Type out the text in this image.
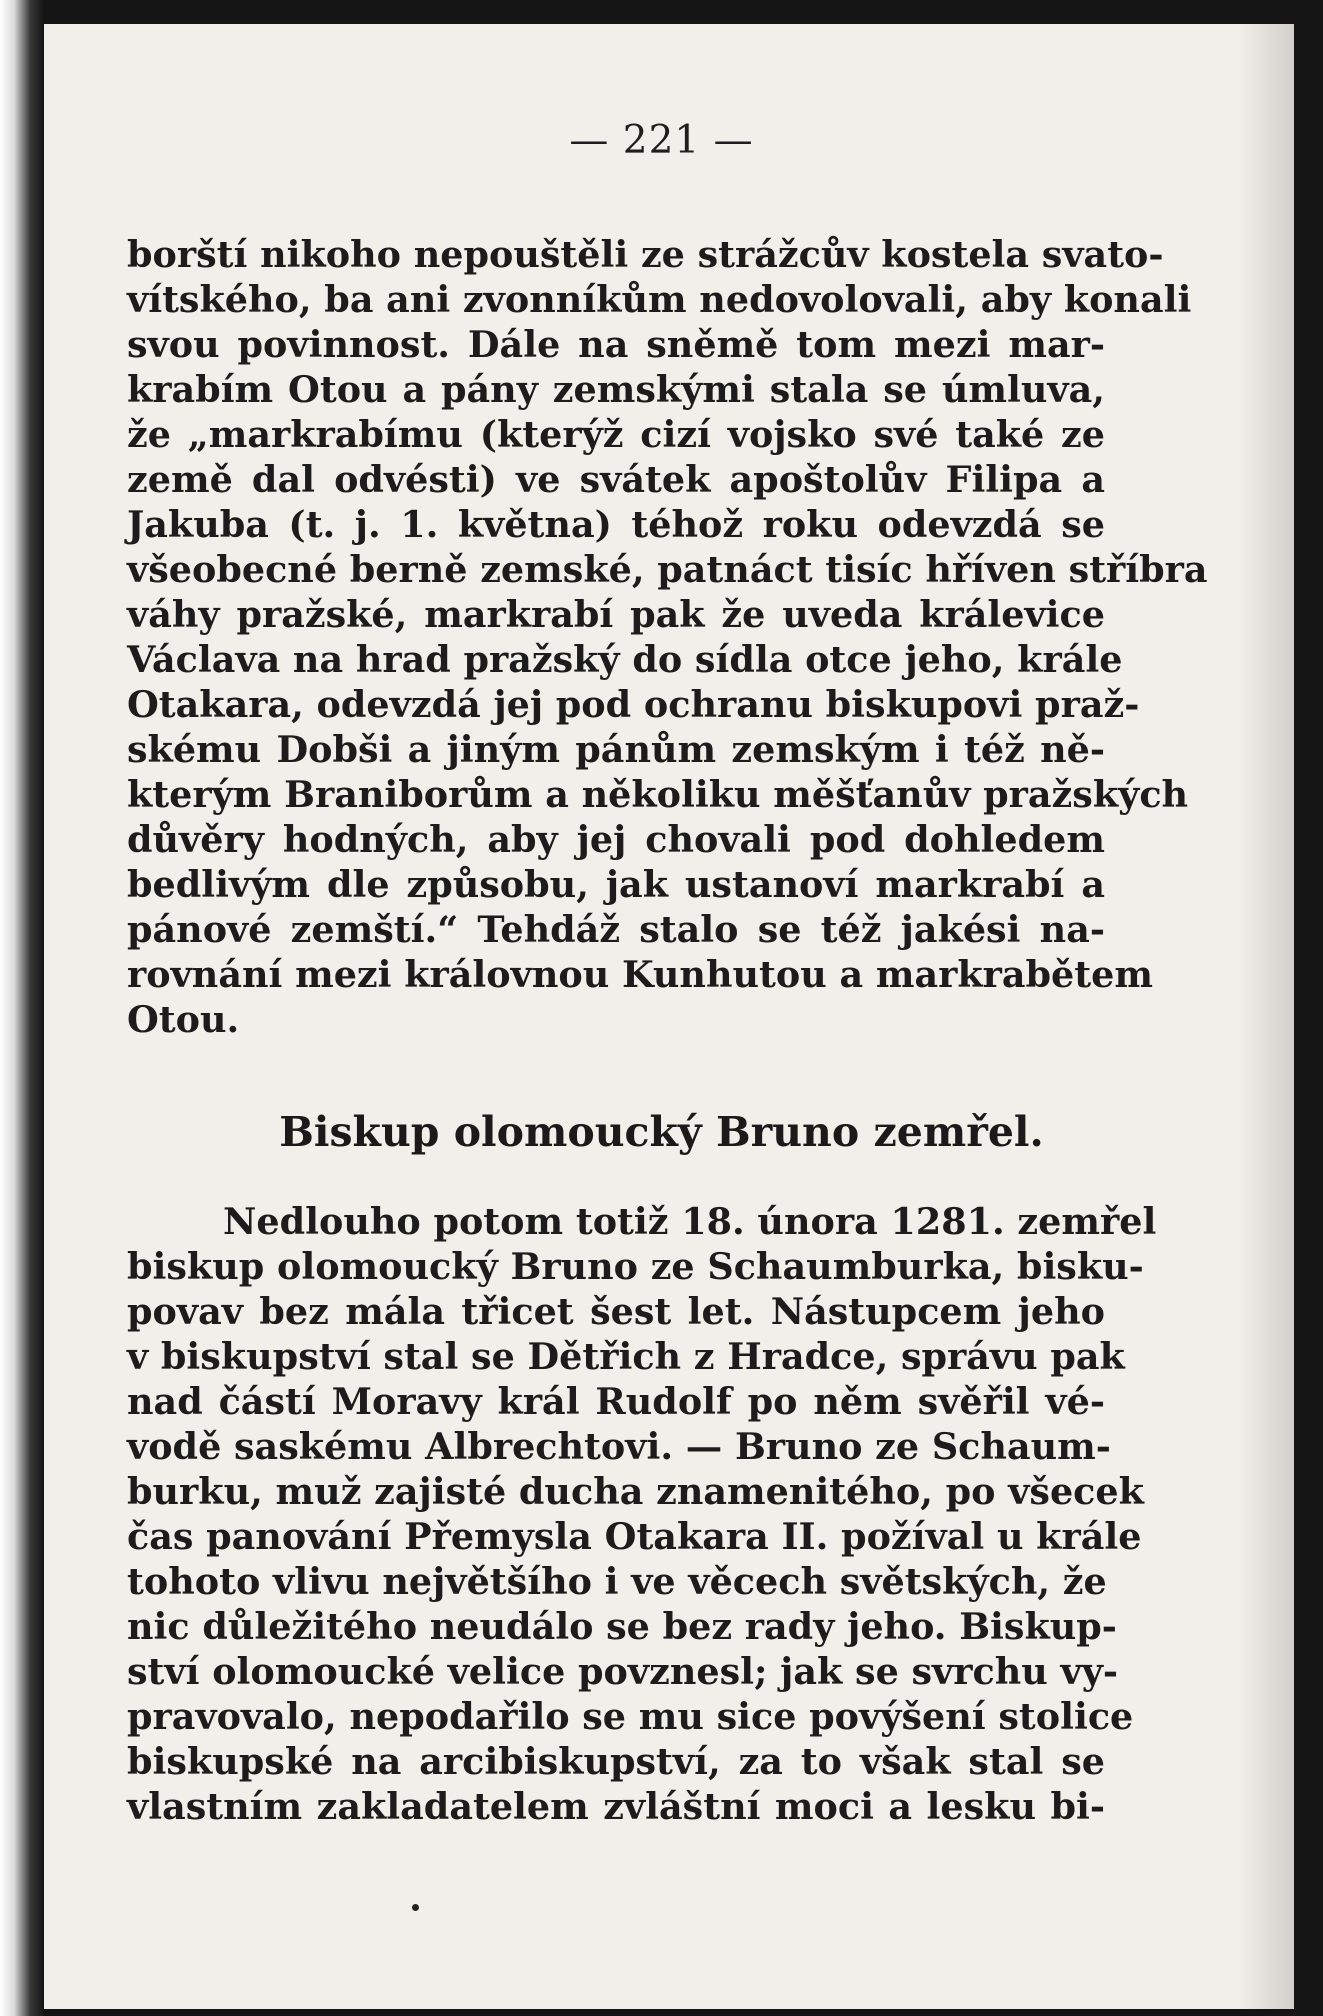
— 221 —
borští nikoho nepouštěli ze strážcův kostela svato-
vítského, ba ani zvonníkům nedovolovali, aby konali
svou povinnost. Dále na sněmě tom mezi mar-
krabím Otou a pány zemskými stala se úmluva,
že „markrabímu (kterýž cizí vojsko své také ze
země dal odvésti) ve svátek apoštolův Filipa a
Jakuba (t. j. 1. května) téhož roku odevzdá se
všeobecné berně zemské, patnáct tisíc hříven stříbra
váhy pražské, markrabí pak že uveda králevice
Václava na hrad pražský do sídla otce jeho, krále
Otakara, odevzdá jej pod ochranu biskupovi praž-
skému Dobši a jiným pánům zemským i též ně-
kterým Braniborům a několiku měšťanův pražských
důvěry hodných, aby jej chovali pod dohledem
bedlivým dle způsobu, jak ustanoví markrabí a
pánové zemští.“ Tehdáž stalo se též jakési na-
rovnání mezi královnou Kunhutou a markrabětem
Otou.
Biskup olomoucký Bruno zemřel.
Nedlouho potom totiž 18. února 1281. zemřel
biskup olomoucký Bruno ze Schaumburka, bisku-
povav bez mála třicet šest let. Nástupcem jeho
v biskupství stal se Dětřich z Hradce, správu pak
nad částí Moravy král Rudolf po něm svěřil vé-
vodě saskému Albrechtovi. — Bruno ze Schaum-
burku, muž zajisté ducha znamenitého, po všecek
čas panování Přemysla Otakara II. požíval u krále
tohoto vlivu největšího i ve věcech světských, že
nic důležitého neudálo se bez rady jeho. Biskup-
ství olomoucké velice povznesl; jak se svrchu vy-
pravovalo, nepodařilo se mu sice povýšení stolice
biskupské na arcibiskupství, za to však stal se
vlastním zakladatelem zvláštní moci a lesku bi-
